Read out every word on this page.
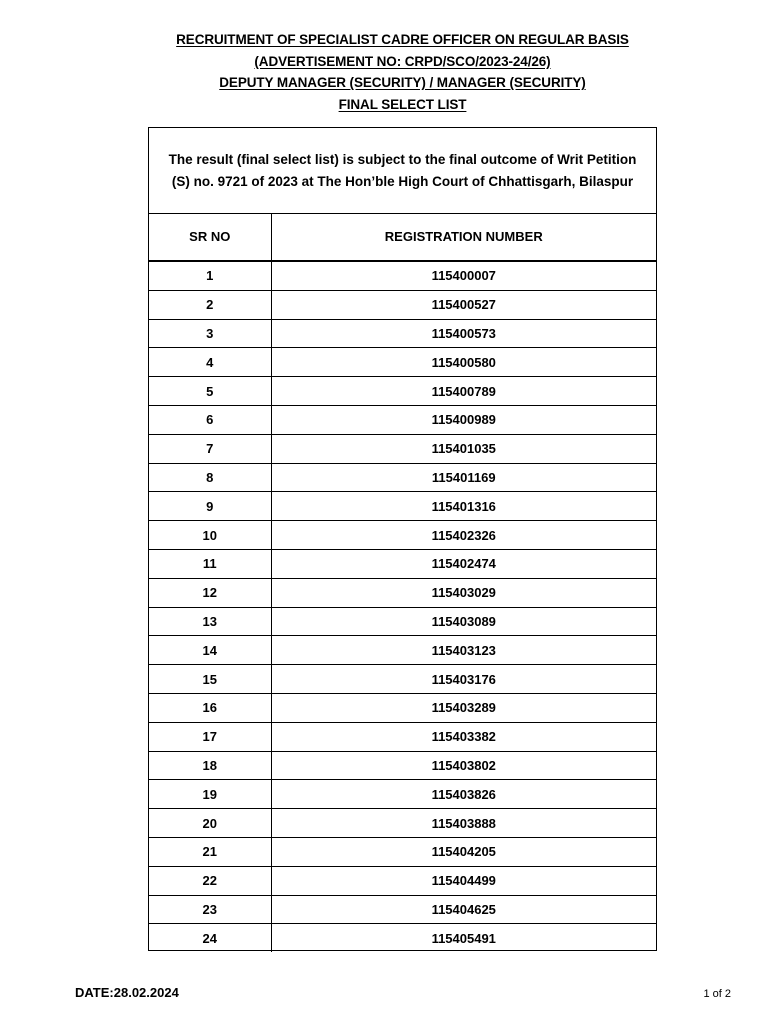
RECRUITMENT OF SPECIALIST CADRE OFFICER ON REGULAR BASIS
(ADVERTISEMENT NO: CRPD/SCO/2023-24/26)
DEPUTY MANAGER (SECURITY) / MANAGER (SECURITY)
FINAL SELECT LIST
The result (final select list) is subject to the final outcome of Writ Petition
(S) no. 9721 of 2023 at The Hon’ble High Court of Chhattisgarh, Bilaspur
SR NO	REGISTRATION NUMBER
1	115400007
2	115400527
3	115400573
4	115400580
5	115400789
6	115400989
7	115401035
8	115401169
9	115401316
10	115402326
11	115402474
12	115403029
13	115403089
14	115403123
15	115403176
16	115403289
17	115403382
18	115403802
19	115403826
20	115403888
21	115404205
22	115404499
23	115404625
24	115405491
DATE:28.02.2024	1 of 2
